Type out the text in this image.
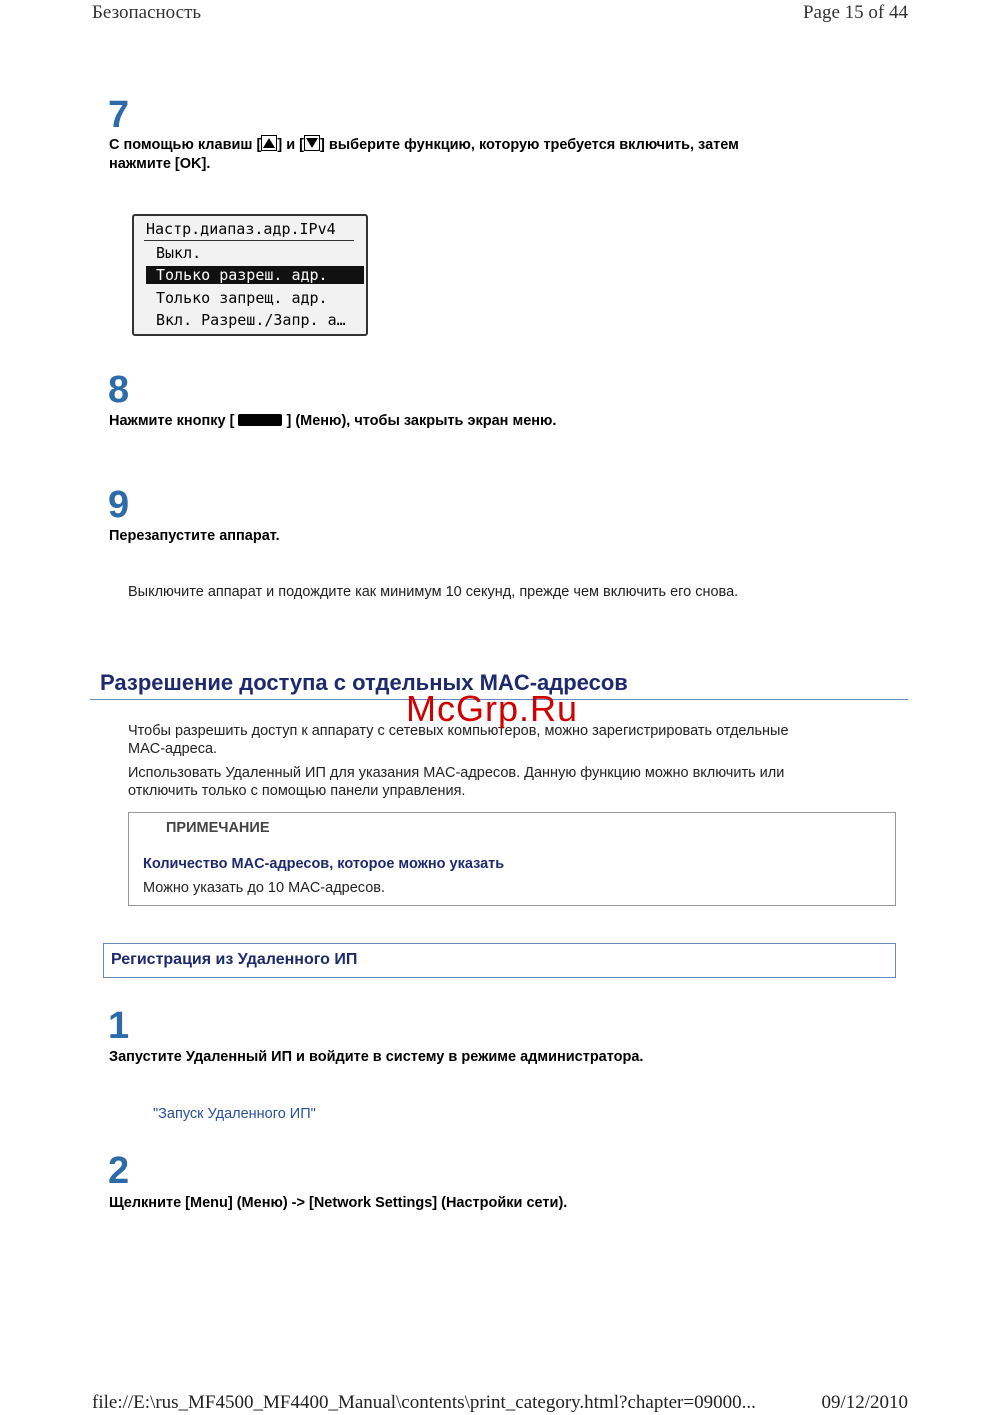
Безопасность	Page 15 of 44
7
С помощью клавиш [ ] и [ ] выберите функцию, которую требуется включить, затем
нажмите [OK].
Настр.диапаз.адр.IPv4
Выкл.
Только разреш. адр.
Только запрещ. адр.
Вкл. Разреш./Запр. а…
8
Нажмите кнопку [	] (Меню), чтобы закрыть экран меню.
9
Перезапустите аппарат.
Выключите аппарат и подождите как минимум 10 секунд, прежде чем включить его снова.
Разрешение доступа с отдельных MAC-адресов
Чтобы разрешить доступ к аппарату с сетевых компьютеров, можно зарегистрировать отдельные
MAC-адреса.
Использовать Удаленный ИП для указания MAC-адресов. Данную функцию можно включить или
отключить только с помощью панели управления.
ПРИМЕЧАНИЕ
Количество MAC-адресов, которое можно указать
Можно указать до 10 MAC-адресов.
Регистрация из Удаленного ИП
1
Запустите Удаленный ИП и войдите в систему в режиме администратора.
"Запуск Удаленного ИП"
2
Щелкните [Menu] (Меню) -> [Network Settings] (Настройки сети).
McGrp.Ru
file://E:\rus_MF4500_MF4400_Manual\contents\print_category.html?chapter=09000...	09/12/2010
